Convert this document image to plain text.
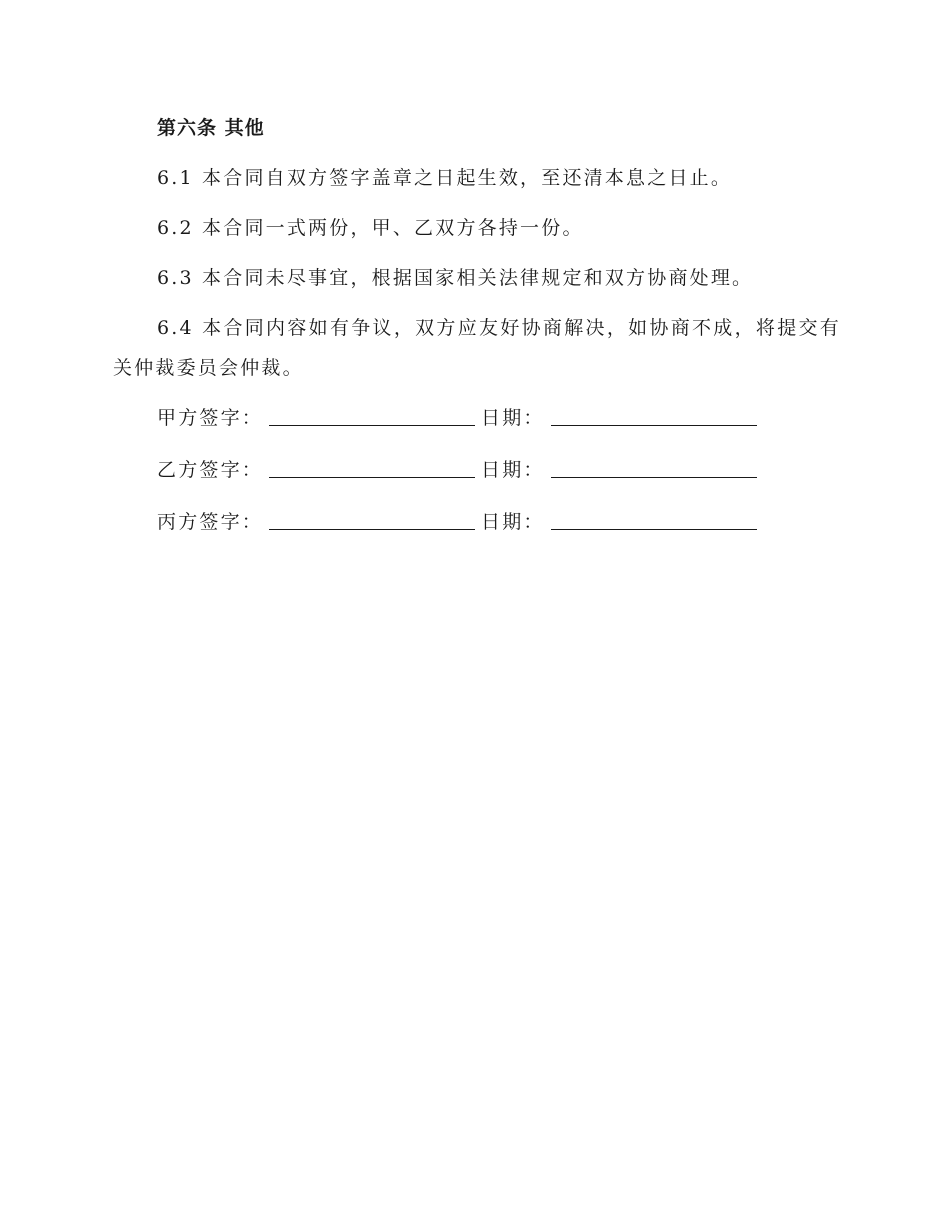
第六条 其他

6.1 本合同自双方签字盖章之日起生效，至还清本息之日止。

6.2 本合同一式两份，甲、乙双方各持一份。

6.3 本合同未尽事宜，根据国家相关法律规定和双方协商处理。

6.4 本合同内容如有争议，双方应友好协商解决，如协商不成，将提交有关仲裁委员会仲裁。

甲方签字：	日期：
乙方签字：	日期：
丙方签字：	日期：
